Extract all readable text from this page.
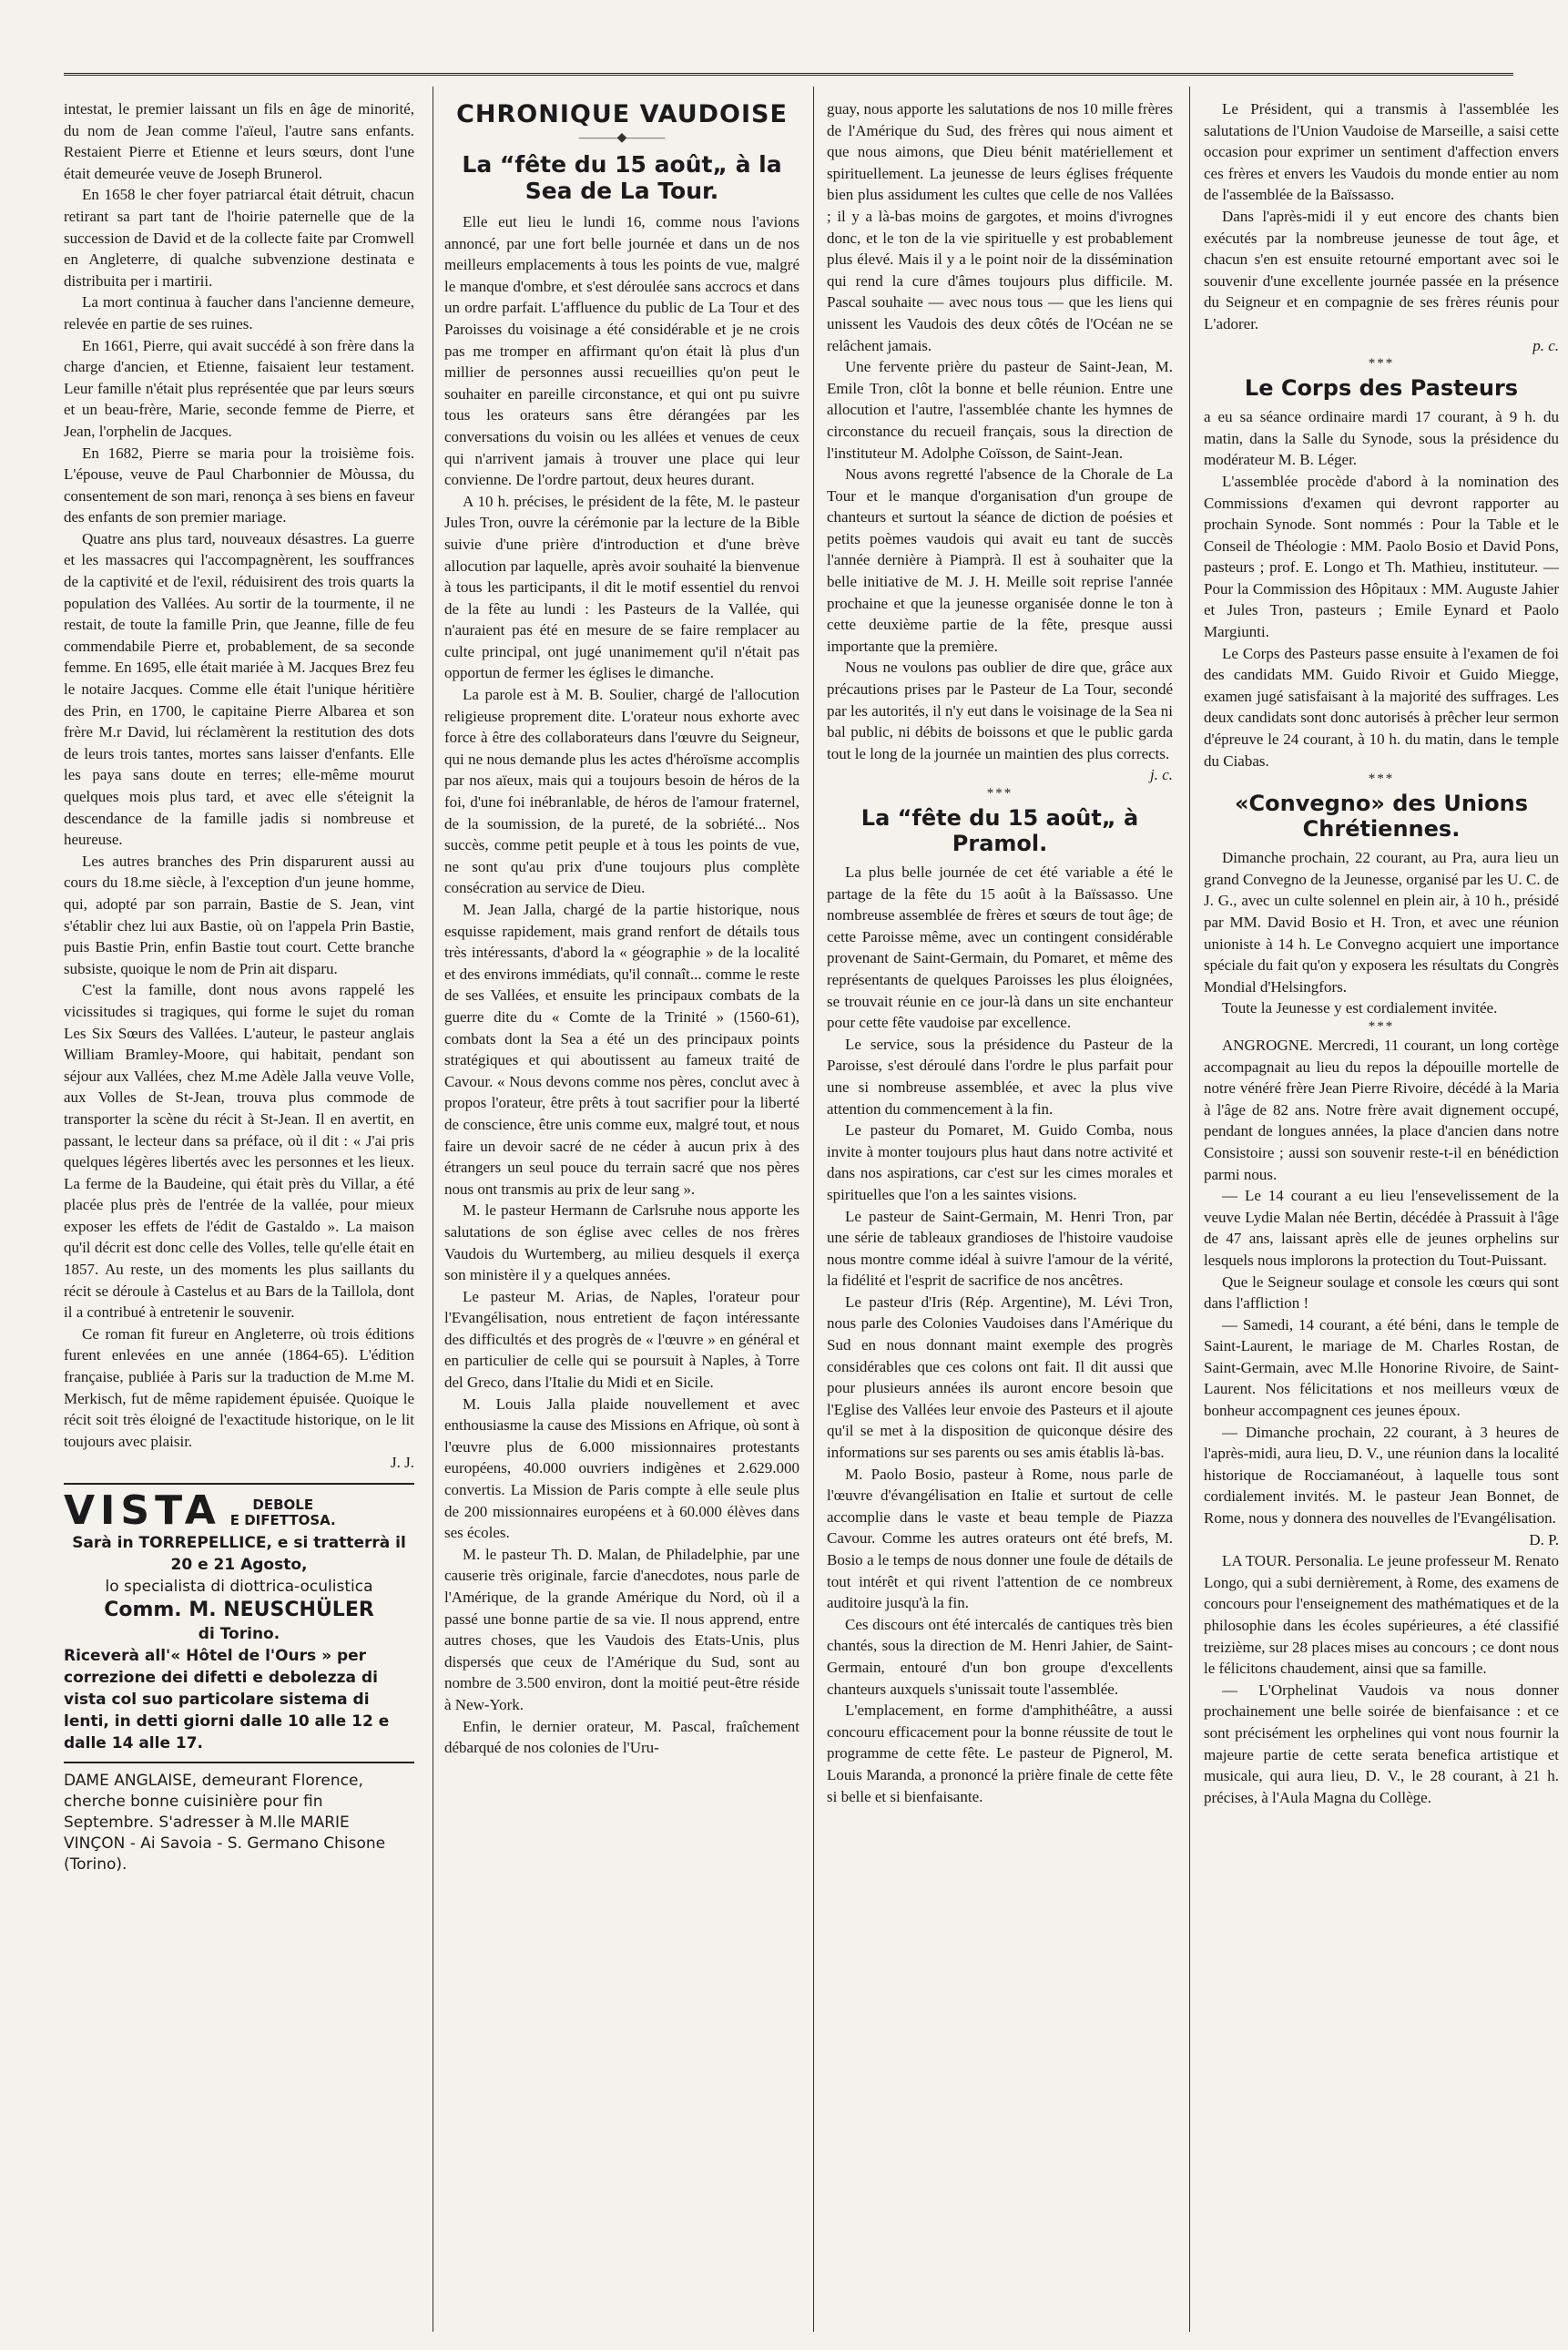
intestat, le premier laissant un fils en âge de minorité, du nom de Jean comme l'aïeul, l'autre sans enfants. Restaient Pierre et Etienne et leurs sœurs, dont l'une était demeurée veuve de Joseph Brunerol.

En 1658 le cher foyer patriarcal était détruit, chacun retirant sa part tant de l'hoirie paternelle que de la succession de David et de la collecte faite par Cromwell en Angleterre, di qualche subvenzione destinata e distribuita per i martirii.

La mort continua à faucher dans l'ancienne demeure, relevée en partie de ses ruines.

En 1661, Pierre, qui avait succédé à son frère dans la charge d'ancien, et Etienne, faisaient leur testament. Leur famille n'était plus représentée que par leurs sœurs et un beau-frère, Marie, seconde femme de Pierre, et Jean, l'orphelin de Jacques.

En 1682, Pierre se maria pour la troisième fois. L'épouse, veuve de Paul Charbonnier de Mòussa, du consentement de son mari, renonça à ses biens en faveur des enfants de son premier mariage.

Quatre ans plus tard, nouveaux désastres. La guerre et les massacres qui l'accompagnèrent, les souffrances de la captivité et de l'exil, réduisirent des trois quarts la population des Vallées. Au sortir de la tourmente, il ne restait, de toute la famille Prin, que Jeanne, fille de feu commendabile Pierre et, probablement, de sa seconde femme. En 1695, elle était mariée à M. Jacques Brez feu le notaire Jacques. Comme elle était l'unique héritière des Prin, en 1700, le capitaine Pierre Albarea et son frère M.r David, lui réclamèrent la restitution des dots de leurs trois tantes, mortes sans laisser d'enfants. Elle les paya sans doute en terres; elle-même mourut quelques mois plus tard, et avec elle s'éteignit la descendance de la famille jadis si nombreuse et heureuse.

Les autres branches des Prin disparurent aussi au cours du 18.me siècle, à l'exception d'un jeune homme, qui, adopté par son parrain, Bastie de S. Jean, vint s'établir chez lui aux Bastie, où on l'appela Prin Bastie, puis Bastie Prin, enfin Bastie tout court. Cette branche subsiste, quoique le nom de Prin ait disparu.

C'est la famille, dont nous avons rappelé les vicissitudes si tragiques, qui forme le sujet du roman Les Six Sœurs des Vallées. L'auteur, le pasteur anglais William Bramley-Moore, qui habitait, pendant son séjour aux Vallées, chez M.me Adèle Jalla veuve Volle, aux Volles de St-Jean, trouva plus commode de transporter la scène du récit à St-Jean. Il en avertit, en passant, le lecteur dans sa préface, où il dit : « J'ai pris quelques légères libertés avec les personnes et les lieux. La ferme de la Baudeine, qui était près du Villar, a été placée plus près de l'entrée de la vallée, pour mieux exposer les effets de l'édit de Gastaldo ». La maison qu'il décrit est donc celle des Volles, telle qu'elle était en 1857. Au reste, un des moments les plus saillants du récit se déroule à Castelus et au Bars de la Taillola, dont il a contribué à entretenir le souvenir.

Ce roman fit fureur en Angleterre, où trois éditions furent enlevées en une année (1864-65). L'édition française, publiée à Paris sur la traduction de M.me M. Merkisch, fut de même rapidement épuisée. Quoique le récit soit très éloigné de l'exactitude historique, on le lit toujours avec plaisir.

J. J.

VISTA	DEBOLE
E DIFETTOSA.
Sarà in TORREPELLICE, e si tratterrà il 20 e 21 Agosto,
lo specialista di diottrica-oculistica
Comm. M. NEUSCHÜLER
di Torino.
Riceverà all'« Hôtel de l'Ours » per correzione dei difetti e debolezza di vista col suo particolare sistema di lenti, in detti giorni dalle 10 alle 12 e dalle 14 alle 17.
DAME ANGLAISE, demeurant Florence, cherche bonne cuisinière pour fin Septembre. S'adresser à M.lle MARIE VINÇON - Ai Savoia - S. Germano Chisone (Torino).
CHRONIQUE VAUDOISE
———◆———
La “fête du 15 août„ à la Sea de La Tour.

Elle eut lieu le lundi 16, comme nous l'avions annoncé, par une fort belle journée et dans un de nos meilleurs emplacements à tous les points de vue, malgré le manque d'ombre, et s'est déroulée sans accrocs et dans un ordre parfait. L'affluence du public de La Tour et des Paroisses du voisinage a été considérable et je ne crois pas me tromper en affirmant qu'on était là plus d'un millier de personnes aussi recueillies qu'on peut le souhaiter en pareille circonstance, et qui ont pu suivre tous les orateurs sans être dérangées par les conversations du voisin ou les allées et venues de ceux qui n'arrivent jamais à trouver une place qui leur convienne. De l'ordre partout, deux heures durant.

A 10 h. précises, le président de la fête, M. le pasteur Jules Tron, ouvre la cérémonie par la lecture de la Bible suivie d'une prière d'introduction et d'une brève allocution par laquelle, après avoir souhaité la bienvenue à tous les participants, il dit le motif essentiel du renvoi de la fête au lundi : les Pasteurs de la Vallée, qui n'auraient pas été en mesure de se faire remplacer au culte principal, ont jugé unanimement qu'il n'était pas opportun de fermer les églises le dimanche.

La parole est à M. B. Soulier, chargé de l'allocution religieuse proprement dite. L'orateur nous exhorte avec force à être des collaborateurs dans l'œuvre du Seigneur, qui ne nous demande plus les actes d'héroïsme accomplis par nos aïeux, mais qui a toujours besoin de héros de la foi, d'une foi inébranlable, de héros de l'amour fraternel, de la soumission, de la pureté, de la sobriété... Nos succès, comme petit peuple et à tous les points de vue, ne sont qu'au prix d'une toujours plus complète consécration au service de Dieu.

M. Jean Jalla, chargé de la partie historique, nous esquisse rapidement, mais grand renfort de détails tous très intéressants, d'abord la « géographie » de la localité et des environs immédiats, qu'il connaît... comme le reste de ses Vallées, et ensuite les principaux combats de la guerre dite du « Comte de la Trinité » (1560-61), combats dont la Sea a été un des principaux points stratégiques et qui aboutissent au fameux traité de Cavour. « Nous devons comme nos pères, conclut avec à propos l'orateur, être prêts à tout sacrifier pour la liberté de conscience, être unis comme eux, malgré tout, et nous faire un devoir sacré de ne céder à aucun prix à des étrangers un seul pouce du terrain sacré que nos pères nous ont transmis au prix de leur sang ».

M. le pasteur Hermann de Carlsruhe nous apporte les salutations de son église avec celles de nos frères Vaudois du Wurtemberg, au milieu desquels il exerça son ministère il y a quelques années.

Le pasteur M. Arias, de Naples, l'orateur pour l'Evangélisation, nous entretient de façon intéressante des difficultés et des progrès de « l'œuvre » en général et en particulier de celle qui se poursuit à Naples, à Torre del Greco, dans l'Italie du Midi et en Sicile.

M. Louis Jalla plaide nouvellement et avec enthousiasme la cause des Missions en Afrique, où sont à l'œuvre plus de 6.000 missionnaires protestants européens, 40.000 ouvriers indigènes et 2.629.000 convertis. La Mission de Paris compte à elle seule plus de 200 missionnaires européens et à 60.000 élèves dans ses écoles.

M. le pasteur Th. D. Malan, de Philadelphie, par une causerie très originale, farcie d'anecdotes, nous parle de l'Amérique, de la grande Amérique du Nord, où il a passé une bonne partie de sa vie. Il nous apprend, entre autres choses, que les Vaudois des Etats-Unis, plus dispersés que ceux de l'Amérique du Sud, sont au nombre de 3.500 environ, dont la moitié peut-être réside à New-York.

Enfin, le dernier orateur, M. Pascal, fraîchement débarqué de nos colonies de l'Uru-

guay, nous apporte les salutations de nos 10 mille frères de l'Amérique du Sud, des frères qui nous aiment et que nous aimons, que Dieu bénit matériellement et spirituellement. La jeunesse de leurs églises fréquente bien plus assidument les cultes que celle de nos Vallées ; il y a là-bas moins de gargotes, et moins d'ivrognes donc, et le ton de la vie spirituelle y est probablement plus élevé. Mais il y a le point noir de la dissémination qui rend la cure d'âmes toujours plus difficile. M. Pascal souhaite — avec nous tous — que les liens qui unissent les Vaudois des deux côtés de l'Océan ne se relâchent jamais.

Une fervente prière du pasteur de Saint-Jean, M. Emile Tron, clôt la bonne et belle réunion. Entre une allocution et l'autre, l'assemblée chante les hymnes de circonstance du recueil français, sous la direction de l'instituteur M. Adolphe Coïsson, de Saint-Jean.

Nous avons regretté l'absence de la Chorale de La Tour et le manque d'organisation d'un groupe de chanteurs et surtout la séance de diction de poésies et petits poèmes vaudois qui avait eu tant de succès l'année dernière à Piamprà. Il est à souhaiter que la belle initiative de M. J. H. Meille soit reprise l'année prochaine et que la jeunesse organisée donne le ton à cette deuxième partie de la fête, presque aussi importante que la première.

Nous ne voulons pas oublier de dire que, grâce aux précautions prises par le Pasteur de La Tour, secondé par les autorités, il n'y eut dans le voisinage de la Sea ni bal public, ni débits de boissons et que le public garda tout le long de la journée un maintien des plus corrects.

j. c.

***
La “fête du 15 août„ à Pramol.

La plus belle journée de cet été variable a été le partage de la fête du 15 août à la Baïssasso. Une nombreuse assemblée de frères et sœurs de tout âge; de cette Paroisse même, avec un contingent considérable provenant de Saint-Germain, du Pomaret, et même des représentants de quelques Paroisses les plus éloignées, se trouvait réunie en ce jour-là dans un site enchanteur pour cette fête vaudoise par excellence.

Le service, sous la présidence du Pasteur de la Paroisse, s'est déroulé dans l'ordre le plus parfait pour une si nombreuse assemblée, et avec la plus vive attention du commencement à la fin.

Le pasteur du Pomaret, M. Guido Comba, nous invite à monter toujours plus haut dans notre activité et dans nos aspirations, car c'est sur les cimes morales et spirituelles que l'on a les saintes visions.

Le pasteur de Saint-Germain, M. Henri Tron, par une série de tableaux grandioses de l'histoire vaudoise nous montre comme idéal à suivre l'amour de la vérité, la fidélité et l'esprit de sacrifice de nos ancêtres.

Le pasteur d'Iris (Rép. Argentine), M. Lévi Tron, nous parle des Colonies Vaudoises dans l'Amérique du Sud en nous donnant maint exemple des progrès considérables que ces colons ont fait. Il dit aussi que pour plusieurs années ils auront encore besoin que l'Eglise des Vallées leur envoie des Pasteurs et il ajoute qu'il se met à la disposition de quiconque désire des informations sur ses parents ou ses amis établis là-bas.

M. Paolo Bosio, pasteur à Rome, nous parle de l'œuvre d'évangélisation en Italie et surtout de celle accomplie dans le vaste et beau temple de Piazza Cavour. Comme les autres orateurs ont été brefs, M. Bosio a le temps de nous donner une foule de détails de tout intérêt et qui rivent l'attention de ce nombreux auditoire jusqu'à la fin.

Ces discours ont été intercalés de cantiques très bien chantés, sous la direction de M. Henri Jahier, de Saint-Germain, entouré d'un bon groupe d'excellents chanteurs auxquels s'unissait toute l'assemblée.

L'emplacement, en forme d'amphithéâtre, a aussi concouru efficacement pour la bonne réussite de tout le programme de cette fête. Le pasteur de Pignerol, M. Louis Maranda, a prononcé la prière finale de cette fête si belle et si bienfaisante.

Le Président, qui a transmis à l'assemblée les salutations de l'Union Vaudoise de Marseille, a saisi cette occasion pour exprimer un sentiment d'affection envers ces frères et envers les Vaudois du monde entier au nom de l'assemblée de la Baïssasso.

Dans l'après-midi il y eut encore des chants bien exécutés par la nombreuse jeunesse de tout âge, et chacun s'en est ensuite retourné emportant avec soi le souvenir d'une excellente journée passée en la présence du Seigneur et en compagnie de ses frères réunis pour L'adorer.

p. c.

***
Le Corps des Pasteurs

a eu sa séance ordinaire mardi 17 courant, à 9 h. du matin, dans la Salle du Synode, sous la présidence du modérateur M. B. Léger.

L'assemblée procède d'abord à la nomination des Commissions d'examen qui devront rapporter au prochain Synode. Sont nommés : Pour la Table et le Conseil de Théologie : MM. Paolo Bosio et David Pons, pasteurs ; prof. E. Longo et Th. Mathieu, instituteur. — Pour la Commission des Hôpitaux : MM. Auguste Jahier et Jules Tron, pasteurs ; Emile Eynard et Paolo Margiunti.

Le Corps des Pasteurs passe ensuite à l'examen de foi des candidats MM. Guido Rivoir et Guido Miegge, examen jugé satisfaisant à la majorité des suffrages. Les deux candidats sont donc autorisés à prêcher leur sermon d'épreuve le 24 courant, à 10 h. du matin, dans le temple du Ciabas.

***
«Convegno» des Unions Chrétiennes.

Dimanche prochain, 22 courant, au Pra, aura lieu un grand Convegno de la Jeunesse, organisé par les U. C. de J. G., avec un culte solennel en plein air, à 10 h., présidé par MM. David Bosio et H. Tron, et avec une réunion unioniste à 14 h. Le Convegno acquiert une importance spéciale du fait qu'on y exposera les résultats du Congrès Mondial d'Helsingfors.

Toute la Jeunesse y est cordialement invitée.

***

ANGROGNE. Mercredi, 11 courant, un long cortège accompagnait au lieu du repos la dépouille mortelle de notre vénéré frère Jean Pierre Rivoire, décédé à la Maria à l'âge de 82 ans. Notre frère avait dignement occupé, pendant de longues années, la place d'ancien dans notre Consistoire ; aussi son souvenir reste-t-il en bénédiction parmi nous.

— Le 14 courant a eu lieu l'ensevelissement de la veuve Lydie Malan née Bertin, décédée à Prassuit à l'âge de 47 ans, laissant après elle de jeunes orphelins sur lesquels nous implorons la protection du Tout-Puissant.

Que le Seigneur soulage et console les cœurs qui sont dans l'affliction !

— Samedi, 14 courant, a été béni, dans le temple de Saint-Laurent, le mariage de M. Charles Rostan, de Saint-Germain, avec M.lle Honorine Rivoire, de Saint-Laurent. Nos félicitations et nos meilleurs vœux de bonheur accompagnent ces jeunes époux.

— Dimanche prochain, 22 courant, à 3 heures de l'après-midi, aura lieu, D. V., une réunion dans la localité historique de Rocciamanéout, à laquelle tous sont cordialement invités. M. le pasteur Jean Bonnet, de Rome, nous y donnera des nouvelles de l'Evangélisation.

D. P.

LA TOUR. Personalia. Le jeune professeur M. Renato Longo, qui a subi dernièrement, à Rome, des examens de concours pour l'enseignement des mathématiques et de la philosophie dans les écoles supérieures, a été classifié treizième, sur 28 places mises au concours ; ce dont nous le félicitons chaudement, ainsi que sa famille.

— L'Orphelinat Vaudois va nous donner prochainement une belle soirée de bienfaisance : et ce sont précisément les orphelines qui vont nous fournir la majeure partie de cette serata benefica artistique et musicale, qui aura lieu, D. V., le 28 courant, à 21 h. précises, à l'Aula Magna du Collège.
